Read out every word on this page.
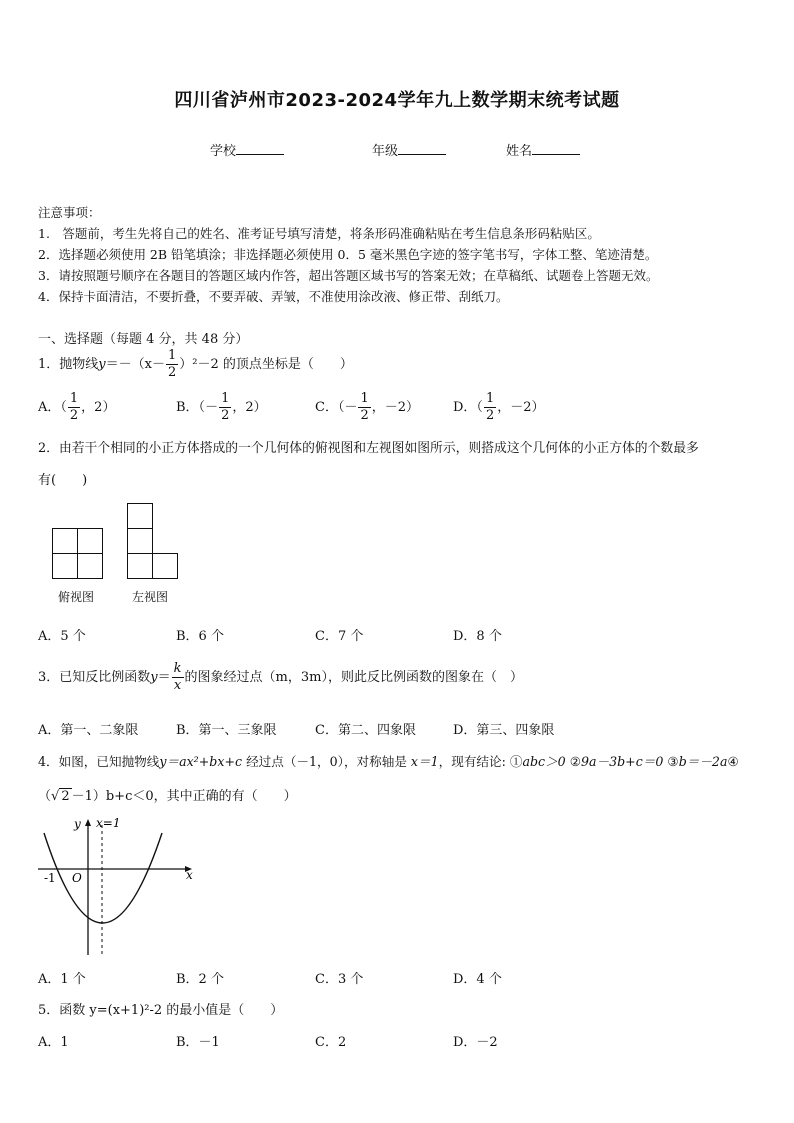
四川省泸州市2023-2024学年九上数学期末统考试题
学校	年级	姓名
注意事项：
1.　答题前，考生先将自己的姓名、准考证号填写清楚，将条形码准确粘贴在考生信息条形码粘贴区。
2．选择题必须使用 2B 铅笔填涂；非选择题必须使用 0．5 毫米黑色字迹的签字笔书写，字体工整、笔迹清楚。
3．请按照题号顺序在各题目的答题区域内作答，超出答题区域书写的答案无效；在草稿纸、试题卷上答题无效。
4．保持卡面清洁，不要折叠，不要弄破、弄皱，不准使用涂改液、修正带、刮纸刀。
一、选择题（每题 4 分，共 48 分）
1．抛物线$y=-(x- \frac{1}{2} )^2-2$ 的顶点坐标是（　　）
A．（ $\frac{1}{2}$ ，2）	B．（－ $\frac{1}{2}$ ，2）	C．（－ $\frac{1}{2}$ ，－2）	D．（ $\frac{1}{2}$ ，－2）
2．由若干个相同的小正方体搭成的一个几何体的俯视图和左视图如图所示，则搭成这个几何体的小正方体的个数最多
有(　　)
俯视图	左视图
A．5 个	B．6 个	C．7 个	D．8 个
3．已知反比例函数$y= \frac{k}{x}$ 的图象经过点（m，3m），则此反比例函数的图象在（　）
A．第一、二象限	B．第一、三象限	C．第二、四象限	D．第三、四象限
4．如图，已知抛物线y＝ax²+bx+c 经过点（－1，0），对称轴是 x＝1，现有结论: ①abc＞0 ②9a－3b+c＝0 ③b＝－2a④
（√ 2 －1）b+c＜0，其中正确的有（　　）
y x=1
O
-1	x
A．1 个	B．2 个	C．3 个	D．4 个
5．函数 y=(x+1)²-2 的最小值是（　　）
A．1	B．－1	C．2	D．－2
